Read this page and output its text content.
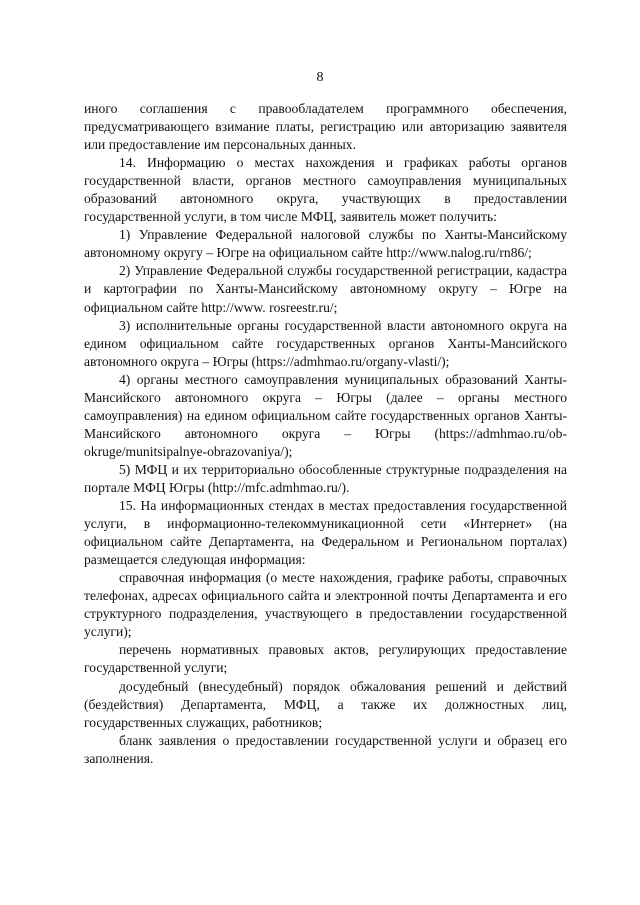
8

иного соглашения с правообладателем программного обеспечения, предусматривающего взимание платы, регистрацию или авторизацию заявителя или предоставление им персональных данных.

14. Информацию о местах нахождения и графиках работы органов государственной власти, органов местного самоуправления муниципальных образований автономного округа, участвующих в предоставлении государственной услуги, в том числе МФЦ, заявитель может получить:

1) Управление Федеральной налоговой службы по Ханты-Мансийскому автономному округу – Югре на официальном сайте http://www.nalog.ru/rn86/;

2) Управление Федеральной службы государственной регистрации, кадастра и картографии по Ханты-Мансийскому автономному округу – Югре на официальном сайте http://www. rosreestr.ru/;

3) исполнительные органы государственной власти автономного округа на едином официальном сайте государственных органов Ханты-Мансийского автономного округа – Югры (https://admhmao.ru/organy-vlasti/);

4) органы местного самоуправления муниципальных образований Ханты-Мансийского автономного округа – Югры (далее – органы местного самоуправления) на едином официальном сайте государственных органов Ханты-Мансийского автономного округа – Югры (https://admhmao.ru/ob-okruge/munitsipalnye-obrazovaniya/);

5) МФЦ и их территориально обособленные структурные подразделения на портале МФЦ Югры (http://mfc.admhmao.ru/).

15. На информационных стендах в местах предоставления государственной услуги, в информационно-телекоммуникационной сети «Интернет» (на официальном сайте Департамента, на Федеральном и Региональном порталах) размещается следующая информация:

справочная информация (о месте нахождения, графике работы, справочных телефонах, адресах официального сайта и электронной почты Департамента и его структурного подразделения, участвующего в предоставлении государственной услуги);

перечень нормативных правовых актов, регулирующих предоставление государственной услуги;

досудебный (внесудебный) порядок обжалования решений и действий (бездействия) Департамента, МФЦ, а также их должностных лиц, государственных служащих, работников;

бланк заявления о предоставлении государственной услуги и образец его заполнения.
